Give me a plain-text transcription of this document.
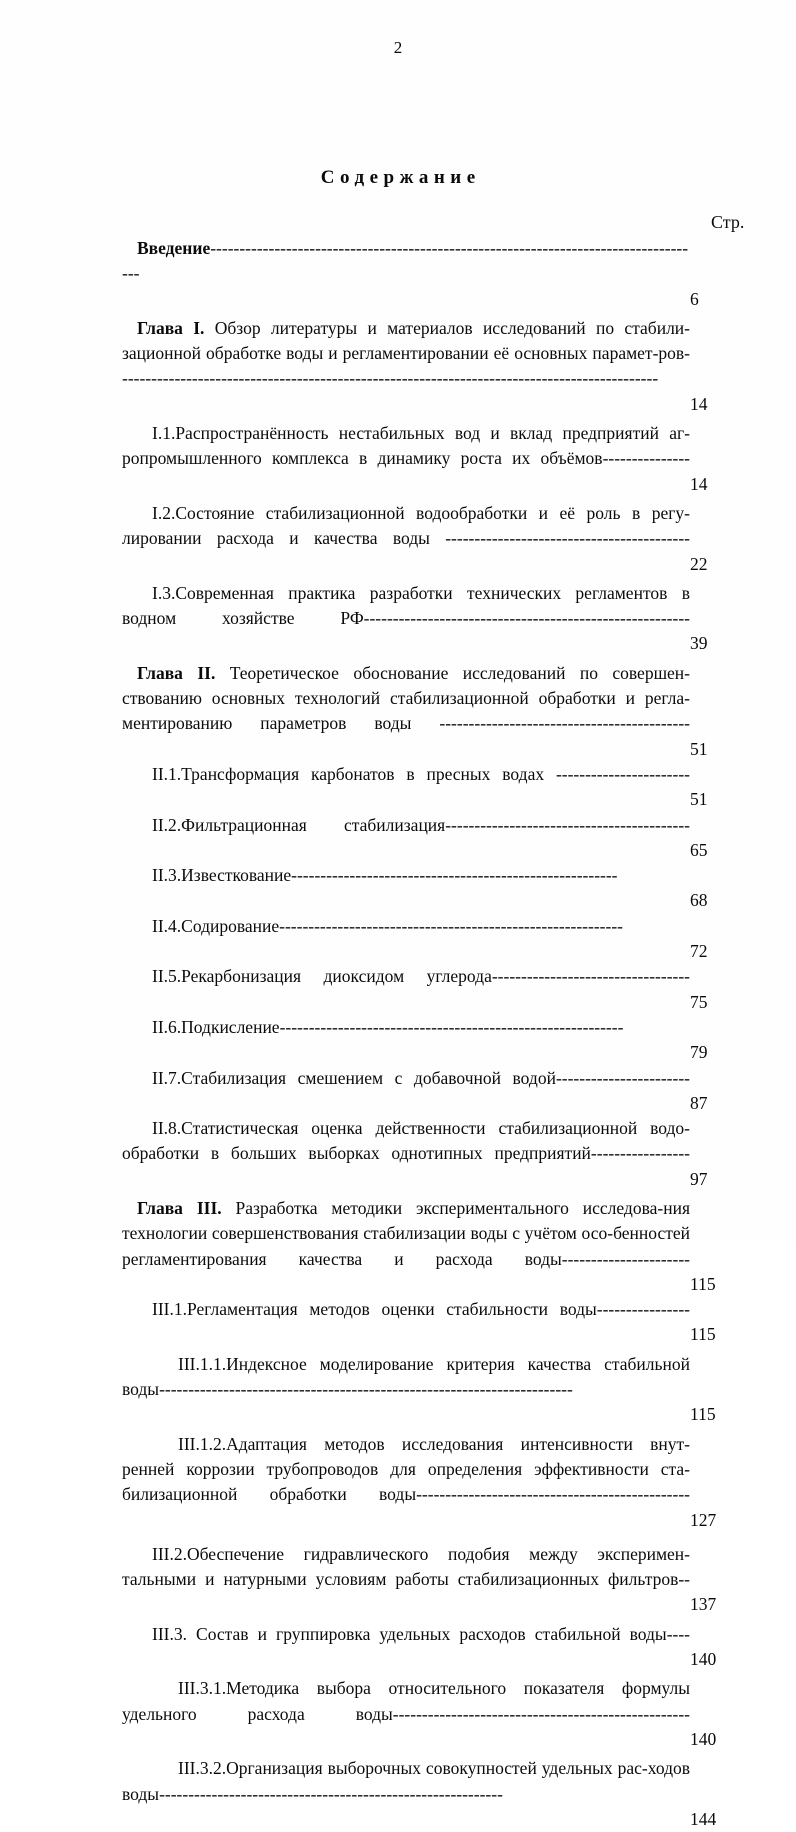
2
Содержание
Стр.
Введение-------------------------------------------------------------------------------------
6
Глава I. Обзор литературы и материалов исследований по стабили-зационной обработке воды и регламентировании её основных парамет-ров---------------------------------------------------------------------------------------------
14
I.1.Распространённость нестабильных вод и вклад предприятий аг-ропромышленного комплекса в динамику роста их объёмов---------------
14
I.2.Состояние стабилизационной водообработки и её роль в регу-лировании расхода и качества воды ------------------------------------------
22
I.3.Современная практика разработки технических регламентов в водном хозяйстве РФ--------------------------------------------------------
39
Глава II. Теоретическое обоснование исследований по совершен-ствованию основных технологий стабилизационной обработки и регла-ментированию параметров воды -------------------------------------------
51
II.1.Трансформация карбонатов в пресных водах -----------------------
51
II.2.Фильтрационная стабилизация------------------------------------------
65
II.3.Известкование--------------------------------------------------------
68
II.4.Содирование-----------------------------------------------------------
72
II.5.Рекарбонизация диоксидом углерода----------------------------------
75
II.6.Подкисление-----------------------------------------------------------
79
II.7.Стабилизация смешением с добавочной водой-----------------------
87
II.8.Статистическая оценка действенности стабилизационной водо-обработки в больших выборках однотипных предприятий-----------------
97
Глава III. Разработка методики экспериментального исследова-ния технологии совершенствования стабилизации воды с учётом осо-бенностей регламентирования качества и расхода воды----------------------
115
III.1.Регламентация методов оценки стабильности воды----------------
115
III.1.1.Индексное моделирование критерия качества стабильной воды-----------------------------------------------------------------------
115
III.1.2.Адаптация методов исследования интенсивности внут-ренней коррозии трубопроводов для определения эффективности ста-билизационной обработки воды-----------------------------------------------
127
III.2.Обеспечение гидравлического подобия между эксперимен-тальными и натурными условиям работы стабилизационных фильтров--
137
III.3. Состав и группировка удельных расходов стабильной воды----
140
III.3.1.Методика выбора относительного показателя формулы удельного расхода воды---------------------------------------------------
140
III.3.2.Организация выборочных совокупностей удельных рас-ходов воды-----------------------------------------------------------
144
